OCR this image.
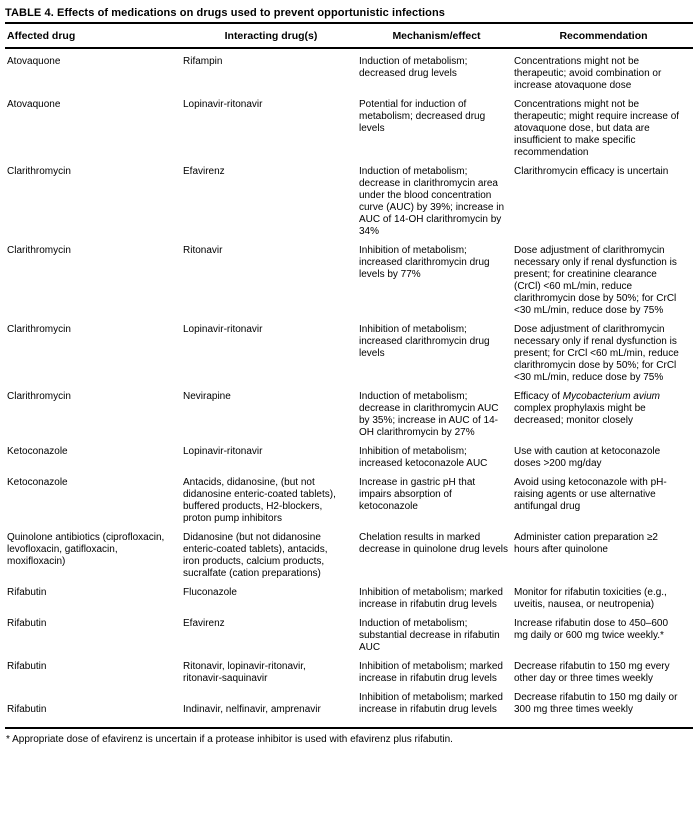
TABLE 4. Effects of medications on drugs used to prevent opportunistic infections
Affected drug	Interacting drug(s)	Mechanism/effect	Recommendation
Atovaquone	Rifampin	Induction of metabolism; decreased drug levels	Concentrations might not be therapeutic; avoid combination or increase atovaquone dose
Atovaquone	Lopinavir-ritonavir	Potential for induction of metabolism; decreased drug levels	Concentrations might not be therapeutic; might require increase of atovaquone dose, but data are insufficient to make specific recommendation
Clarithromycin	Efavirenz	Induction of metabolism; decrease in clarithromycin area under the blood concentration curve (AUC) by 39%; increase in AUC of 14-OH clarithromycin by 34%	Clarithromycin efficacy is uncertain
Clarithromycin	Ritonavir	Inhibition of metabolism; increased clarithromycin drug levels by 77%	Dose adjustment of clarithromycin necessary only if renal dysfunction is present; for creatinine clearance (CrCl) <60 mL/min, reduce clarithromycin dose by 50%; for CrCl <30 mL/min, reduce dose by 75%
Clarithromycin	Lopinavir-ritonavir	Inhibition of metabolism; increased clarithromycin drug levels	Dose adjustment of clarithromycin necessary only if renal dysfunction is present; for CrCl <60 mL/min, reduce clarithromycin dose by 50%; for CrCl <30 mL/min, reduce dose by 75%
Clarithromycin	Nevirapine	Induction of metabolism; decrease in clarithromycin AUC by 35%; increase in AUC of 14-OH clarithromycin by 27%	Efficacy of Mycobacterium avium complex prophylaxis might be decreased; monitor closely
Ketoconazole	Lopinavir-ritonavir	Inhibition of metabolism; increased ketoconazole AUC	Use with caution at ketoconazole doses >200 mg/day
Ketoconazole	Antacids, didanosine, (but not didanosine enteric-coated tablets), buffered products, H2-blockers, proton pump inhibitors	Increase in gastric pH that impairs absorption of ketoconazole	Avoid using ketoconazole with pH-raising agents or use alternative antifungal drug
Quinolone antibiotics (ciprofloxacin, levofloxacin, gatifloxacin, moxifloxacin)	Didanosine (but not didanosine enteric-coated tablets), antacids, iron products, calcium products, sucralfate (cation preparations)	Chelation results in marked decrease in quinolone drug levels	Administer cation preparation ≥2 hours after quinolone
Rifabutin	Fluconazole	Inhibition of metabolism; marked increase in rifabutin drug levels	Monitor for rifabutin toxicities (e.g., uveitis, nausea, or neutropenia)
Rifabutin	Efavirenz	Induction of metabolism; substantial decrease in rifabutin AUC	Increase rifabutin dose to 450–600 mg daily or 600 mg twice weekly.*
Rifabutin	Ritonavir, lopinavir-ritonavir, ritonavir-saquinavir	Inhibition of metabolism; marked increase in rifabutin drug levels	Decrease rifabutin to 150 mg every other day or three times weekly
Rifabutin	Indinavir, nelfinavir, amprenavir	Inhibition of metabolism; marked increase in rifabutin drug levels	Decrease rifabutin to 150 mg daily or 300 mg three times weekly
* Appropriate dose of efavirenz is uncertain if a protease inhibitor is used with efavirenz plus rifabutin.
